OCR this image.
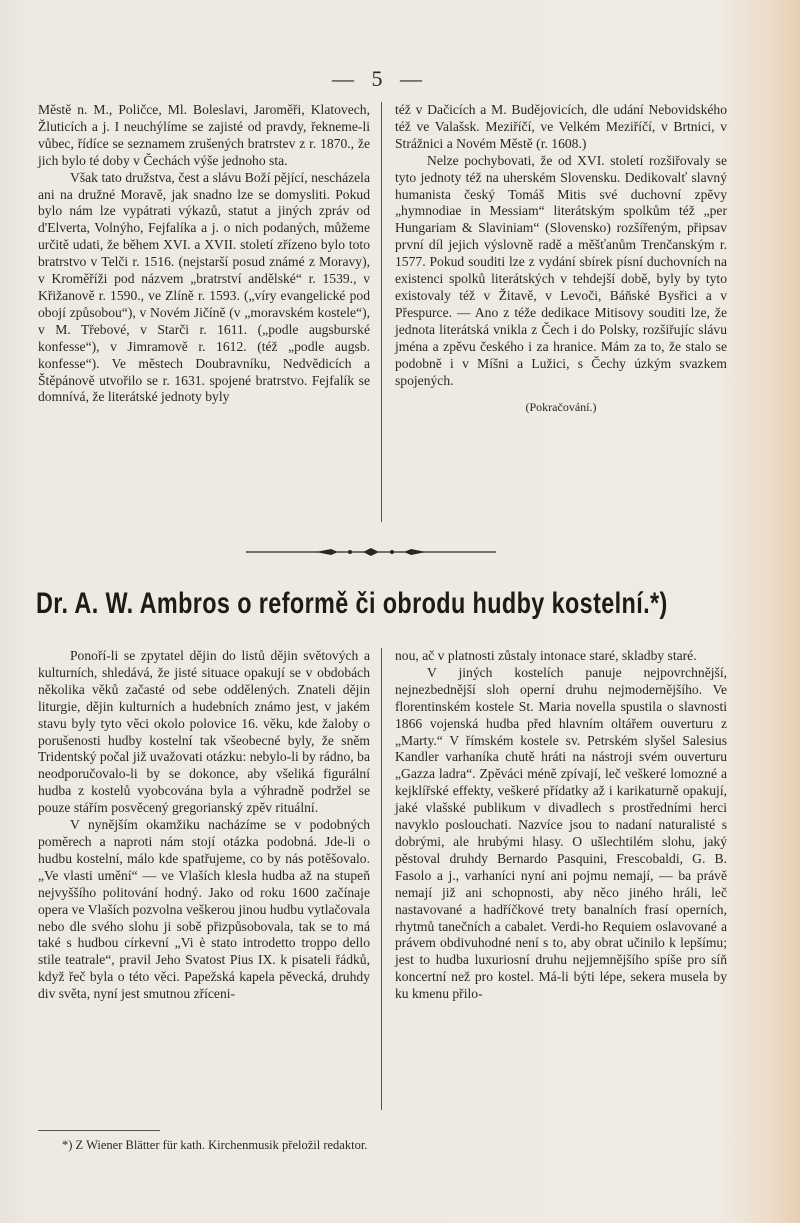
— 5 —

Městě n. M., Poličce, Ml. Boleslavi, Jaroměři, Klatovech, Žluticích a j. I neuchýlíme se zajisté od pravdy, řekneme-li vůbec, řídíce se seznamem zrušených bratrstev z r. 1870., že jich bylo té doby v Čechách výše jednoho sta.

Však tato družstva, čest a slávu Boží pějící, nescházela ani na družné Moravě, jak snadno lze se domysliti. Pokud bylo nám lze vypátrati výkazů, statut a jiných zpráv od d'Elverta, Volnýho, Fejfalíka a j. o nich podaných, můžeme určitě udati, že během XVI. a XVII. století zřízeno bylo toto bratrstvo v Telči r. 1516. (nejstarší posud známé z Moravy), v Kroměříži pod názvem „bratrství andělské“ r. 1539., v Křižanově r. 1590., ve Zlíně r. 1593. („víry evangelické pod obojí způsobou“), v Novém Jičíně (v „moravském kostele“), v M. Třebové, v Starči r. 1611. („podle augsburské konfesse“), v Jimramově r. 1612. (též „podle augsb. konfesse“). Ve městech Doubravníku, Nedvědicích a Štěpánově utvořilo se r. 1631. spojené bratrstvo. Fejfalík se domnívá, že literátské jednoty byly

též v Dačicích a M. Budějovicích, dle udání Nebovidského též ve Valašsk. Meziříčí, ve Velkém Meziříčí, v Brtnici, v Strážnici a Novém Městě (r. 1608.)

Nelze pochybovati, že od XVI. století rozšiřovaly se tyto jednoty též na uherském Slovensku. Dedikovalť slavný humanista český Tomáš Mitis své duchovní zpěvy „hymnodiae in Messiam“ literátským spolkům též „per Hungariam & Slaviniam“ (Slovensko) rozšířeným, připsav první díl jejich výslovně radě a měšťanům Trenčanským r. 1577. Pokud souditi lze z vydání sbírek písní duchovních na existenci spolků literátských v tehdejší době, byly by tyto existovaly též v Žitavě, v Levoči, Báňské Bysřici a v Přespurce. — Ano z téže dedikace Mitisovy souditi lze, že jednota literátská vnikla z Čech i do Polsky, rozšiřujíc slávu jména a zpěvu českého i za hranice. Mám za to, že stalo se podobně i v Míšni a Lužici, s Čechy úzkým svazkem spojených.

(Pokračování.)

Dr. A. W. Ambros o reformě či obrodu hudby kostelní.*)

Ponoří-li se zpytatel dějin do listů dějin světových a kulturních, shledává, že jisté situace opakují se v obdobách několika věků začasté od sebe oddělených. Znateli dějin liturgie, dějin kulturních a hudebních známo jest, v jakém stavu byly tyto věci okolo polovice 16. věku, kde žaloby o porušenosti hudby kostelní tak všeobecné byly, že sněm Tridentský počal již uvažovati otázku: nebylo-li by rádno, ba neodporučovalo-li by se dokonce, aby všeliká figurální hudba z kostelů vyobcována byla a výhradně podržel se pouze stářím posvěcený gregorianský zpěv rituální.

V nynějším okamžiku nacházíme se v podobných poměrech a naproti nám stojí otázka podobná. Jde-li o hudbu kostelní, málo kde spatřujeme, co by nás potěšovalo. „Ve vlasti umění“ — ve Vlaších klesla hudba až na stupeň nejvyššího politování hodný. Jako od roku 1600 začínaje opera ve Vlaších pozvolna veškerou jinou hudbu vytlačovala nebo dle svého slohu ji sobě přizpůsobovala, tak se to má také s hudbou církevní „Vi è stato introdetto troppo dello stile teatrale“, pravil Jeho Svatost Pius IX. k pisateli řádků, když řeč byla o této věci. Papežská kapela pěvecká, druhdy div světa, nyní jest smutnou zříceni-

nou, ač v platnosti zůstaly intonace staré, skladby staré.

V jiných kostelích panuje nejpovrchnější, nejnezbednější sloh operní druhu nejmodernějšího. Ve florentinském kostele St. Maria novella spustila o slavnosti 1866 vojenská hudba před hlavním oltářem ouverturu z „Marty.“ V římském kostele sv. Petrském slyšel Salesius Kandler varhaníka chutě hráti na nástroji svém ouverturu „Gazza ladra“. Zpěváci méně zpívají, leč veškeré lomozné a kejklířské effekty, veškeré přídatky až i karikaturně opakují, jaké vlašské publikum v divadlech s prostředními herci navyklo poslouchati. Nazvíce jsou to nadaní naturalisté s dobrými, ale hrubými hlasy. O ušlechtilém slohu, jaký pěstoval druhdy Bernardo Pasquini, Frescobaldi, G. B. Fasolo a j., varhaníci nyní ani pojmu nemají, — ba právě nemají již ani schopnosti, aby něco jiného hráli, leč nastavované a hadříčkové trety banalních frasí operních, rhytmů tanečních a cabalet. Verdi-ho Requiem oslavované a právem obdivuhodné není s to, aby obrat učinilo k lepšímu; jest to hudba luxuriosní druhu nejjemnějšího spíše pro síň koncertní než pro kostel. Má-li býti lépe, sekera musela by ku kmenu přilo-

*) Z Wiener Blätter für kath. Kirchenmusik přeložil redaktor.
